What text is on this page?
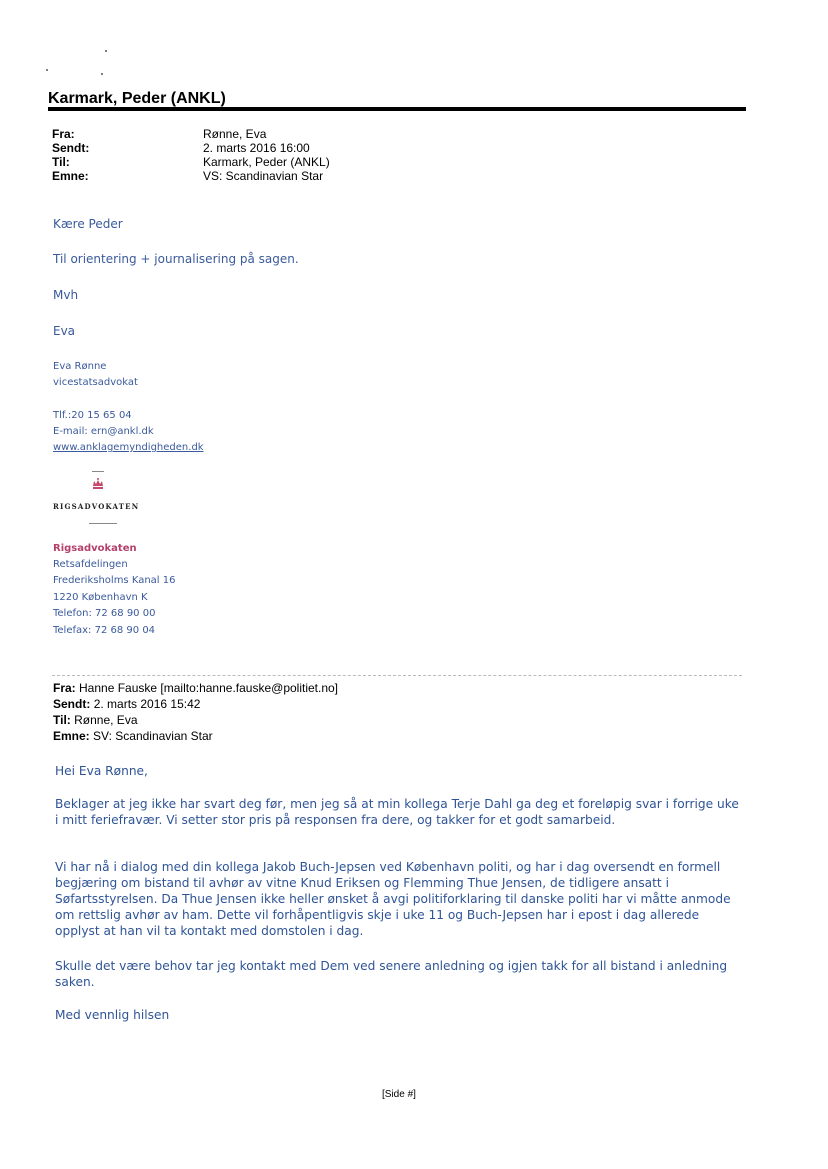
Karmark, Peder (ANKL)
Fra:	Rønne, Eva
Sendt:	2. marts 2016 16:00
Til:	Karmark, Peder (ANKL)
Emne:	VS: Scandinavian Star
Kære Peder
Til orientering + journalisering på sagen.
Mvh
Eva
Eva Rønne
vicestatsadvokat
Tlf.:20 15 65 04
E-mail: ern@ankl.dk
www.anklagemyndigheden.dk
RIGSADVOKATEN
Rigsadvokaten
Retsafdelingen
Frederiksholms Kanal 16
1220 København K
Telefon: 72 68 90 00
Telefax: 72 68 90 04
Fra: Hanne Fauske [mailto:hanne.fauske@politiet.no]
Sendt: 2. marts 2016 15:42
Til: Rønne, Eva
Emne: SV: Scandinavian Star
Hei Eva Rønne,
Beklager at jeg ikke har svart deg før, men jeg så at min kollega Terje Dahl ga deg et foreløpig svar i forrige uke i mitt feriefravær. Vi setter stor pris på responsen fra dere, og takker for et godt samarbeid.
Vi har nå i dialog med din kollega Jakob Buch-Jepsen ved København politi, og har i dag oversendt en formell begjæring om bistand til avhør av vitne Knud Eriksen og Flemming Thue Jensen, de tidligere ansatt i Søfartsstyrelsen. Da Thue Jensen ikke heller ønsket å avgi politiforklaring til danske politi har vi måtte anmode om rettslig avhør av ham. Dette vil forhåpentligvis skje i uke 11 og Buch-Jepsen har i epost i dag allerede opplyst at han vil ta kontakt med domstolen i dag.
Skulle det være behov tar jeg kontakt med Dem ved senere anledning og igjen takk for all bistand i anledning saken.
Med vennlig hilsen
[Side #]
